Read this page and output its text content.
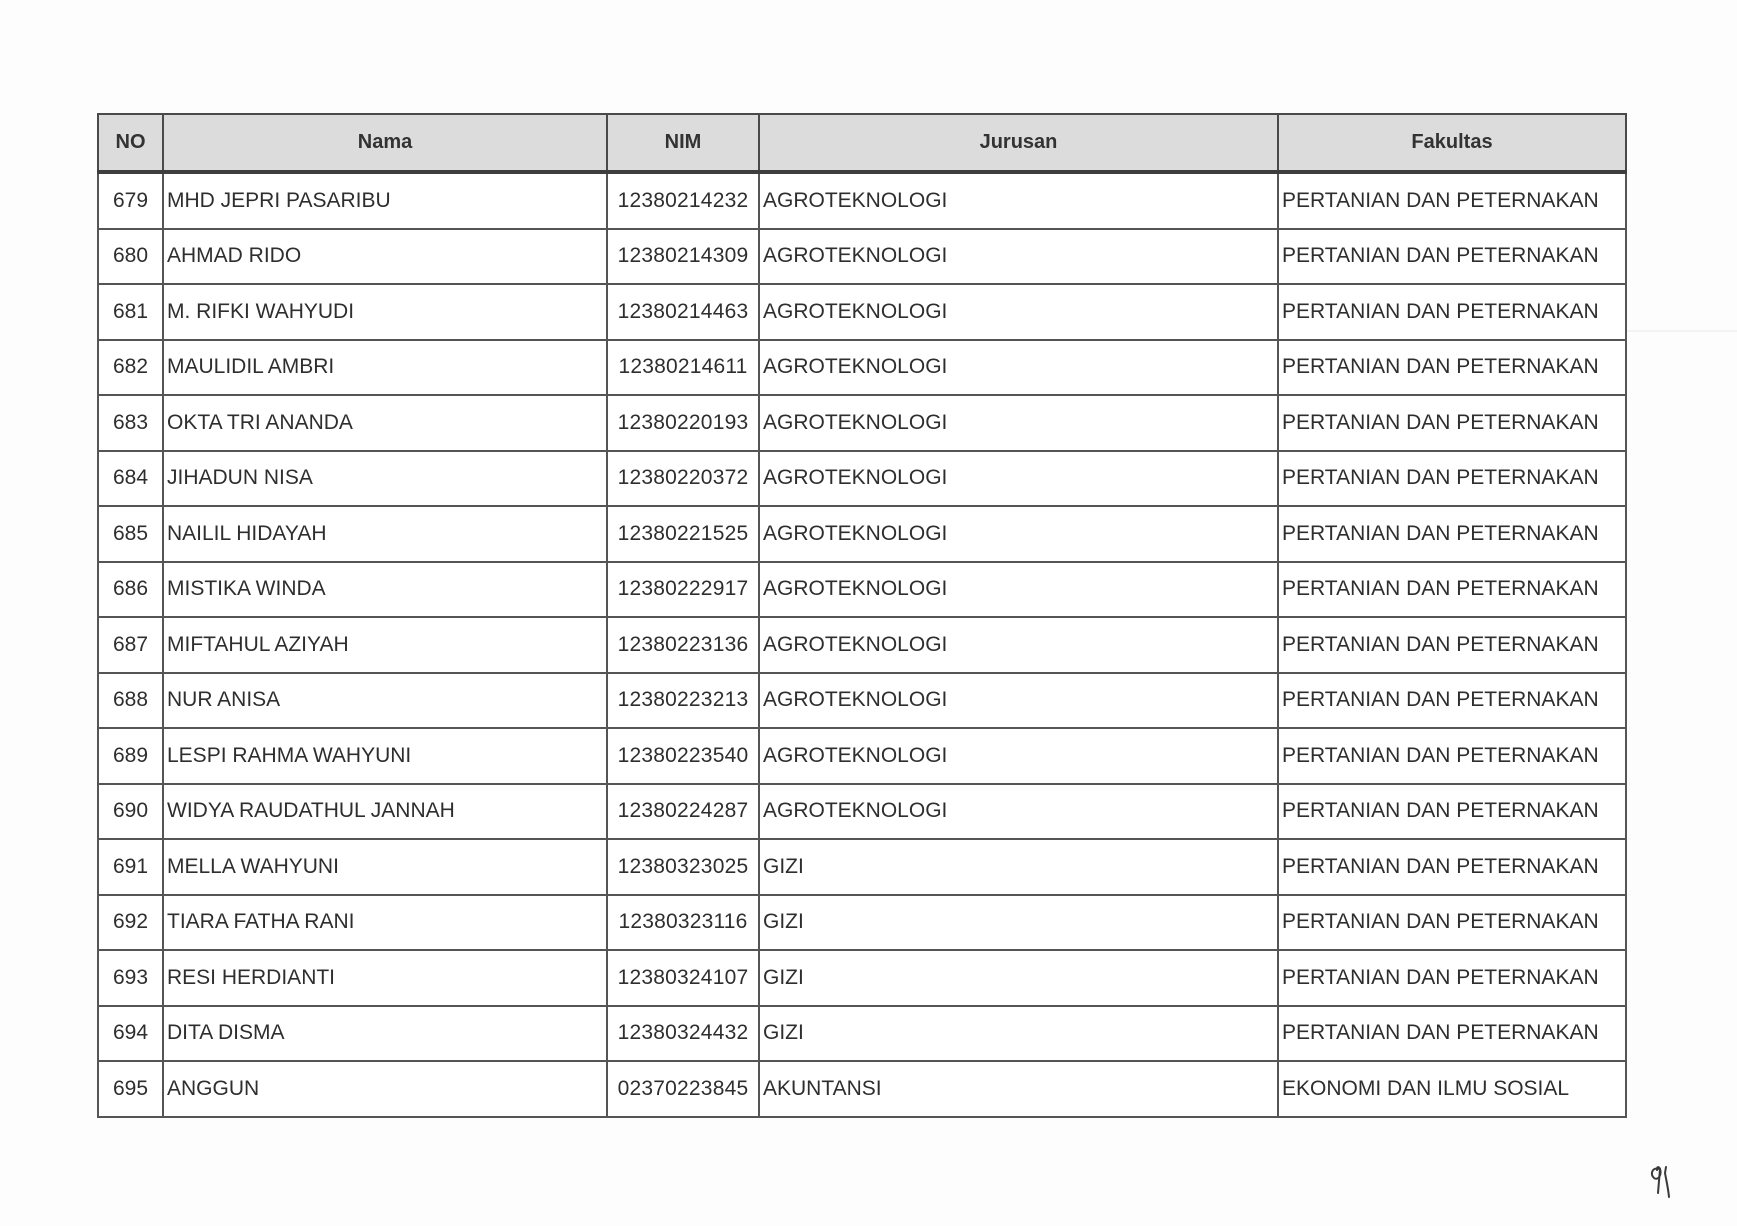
NO	Nama	NIM	Jurusan	Fakultas
679	MHD JEPRI PASARIBU	12380214232	AGROTEKNOLOGI	PERTANIAN DAN PETERNAKAN
680	AHMAD RIDO	12380214309	AGROTEKNOLOGI	PERTANIAN DAN PETERNAKAN
681	M. RIFKI WAHYUDI	12380214463	AGROTEKNOLOGI	PERTANIAN DAN PETERNAKAN
682	MAULIDIL AMBRI	12380214611	AGROTEKNOLOGI	PERTANIAN DAN PETERNAKAN
683	OKTA TRI ANANDA	12380220193	AGROTEKNOLOGI	PERTANIAN DAN PETERNAKAN
684	JIHADUN NISA	12380220372	AGROTEKNOLOGI	PERTANIAN DAN PETERNAKAN
685	NAILIL HIDAYAH	12380221525	AGROTEKNOLOGI	PERTANIAN DAN PETERNAKAN
686	MISTIKA WINDA	12380222917	AGROTEKNOLOGI	PERTANIAN DAN PETERNAKAN
687	MIFTAHUL AZIYAH	12380223136	AGROTEKNOLOGI	PERTANIAN DAN PETERNAKAN
688	NUR ANISA	12380223213	AGROTEKNOLOGI	PERTANIAN DAN PETERNAKAN
689	LESPI RAHMA WAHYUNI	12380223540	AGROTEKNOLOGI	PERTANIAN DAN PETERNAKAN
690	WIDYA RAUDATHUL JANNAH	12380224287	AGROTEKNOLOGI	PERTANIAN DAN PETERNAKAN
691	MELLA WAHYUNI	12380323025	GIZI	PERTANIAN DAN PETERNAKAN
692	TIARA FATHA RANI	12380323116	GIZI	PERTANIAN DAN PETERNAKAN
693	RESI HERDIANTI	12380324107	GIZI	PERTANIAN DAN PETERNAKAN
694	DITA DISMA	12380324432	GIZI	PERTANIAN DAN PETERNAKAN
695	ANGGUN	02370223845	AKUNTANSI	EKONOMI DAN ILMU SOSIAL
